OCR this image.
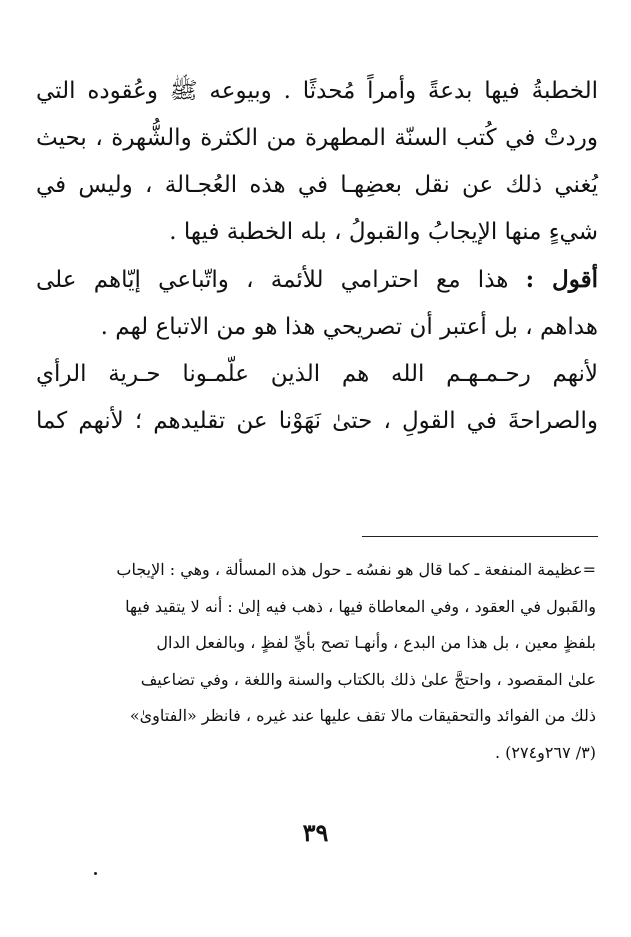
الخطبةُ فيها بدعةً وأمراً مُحدثًا . وبيوعه ﷺ وعُقوده التي
وردتْ في كُتب السنّة المطهرة من الكثرة والشُّهرة ، بحيث
يُغني ذلك عن نقل بعضِهـا في هذه العُجـالة ، وليس في
شيءٍ منها الإيجابُ والقبولُ ، بله الخطبة فيها .

أقول : هذا مع احترامي للأئمة ، واتّباعي إيّاهم على
هداهم ، بل أعتبر أن تصريحي هذا هو من الاتباع لهم .

لأنهم رحـمـهـم الله هم الذين علّمـونا حـرية الرأي
والصراحةَ في القولِ ، حتىٰ نَهَوْنا عن تقليدهم ؛ لأنهم كما

=عظيمة المنفعة ـ كما قال هو نفسُه ـ حول هذه المسألة ، وهي : الإيجاب
والقَبول في العقود ، وفي المعاطاة فيها ، ذهب فيه إلىٰ : أنه لا يتقيد فيها
بلفظٍ معين ، بل هذا من البدع ، وأنهـا تصح بأيِّ لفظٍ ، وبالفعل الدال
علىٰ المقصود ، واحتجَّ علىٰ ذلك بالكتاب والسنة واللغة ، وفي تضاعيف
ذلك من الفوائد والتحقيقات مالا تقف عليها عند غيره ، فانظر «الفتاوىٰ»
(٣/ ٢٦٧و٢٧٤) .
٣٩
